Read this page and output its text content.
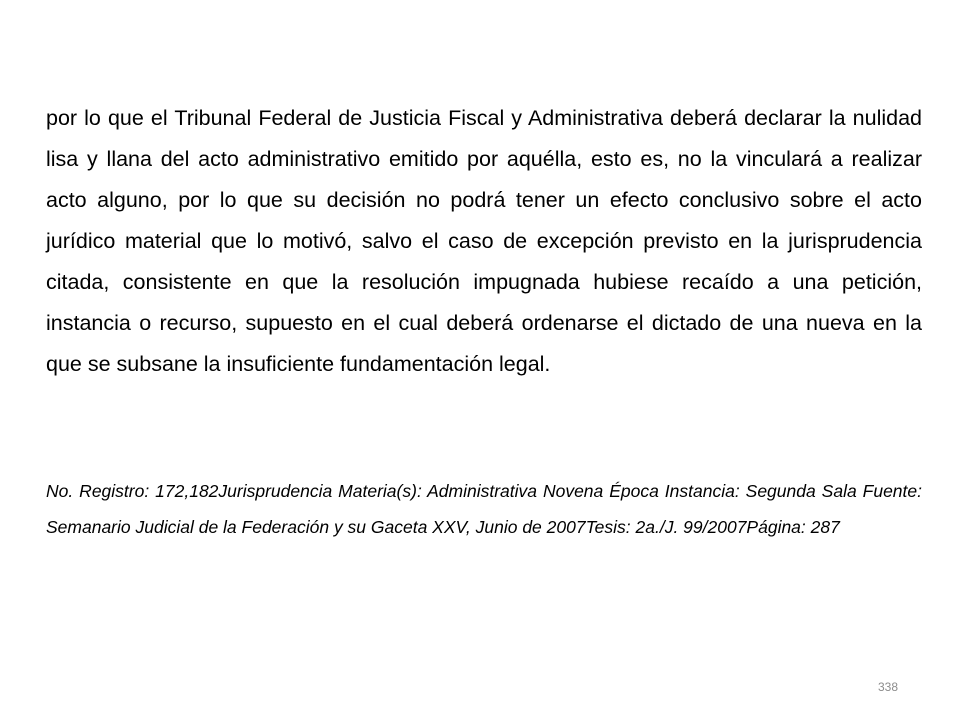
por lo que el Tribunal Federal de Justicia Fiscal y Administrativa deberá declarar la nulidad lisa y llana del acto administrativo emitido por aquélla, esto es, no la vinculará a realizar acto alguno, por lo que su decisión no podrá tener un efecto conclusivo sobre el acto jurídico material que lo motivó, salvo el caso de excepción previsto en la jurisprudencia citada, consistente en que la resolución impugnada hubiese recaído a una petición, instancia o recurso, supuesto en el cual deberá ordenarse el dictado de una nueva en la que se subsane la insuficiente fundamentación legal.

No. Registro: 172,182Jurisprudencia Materia(s): Administrativa Novena Época Instancia: Segunda Sala Fuente: Semanario Judicial de la Federación y su Gaceta XXV, Junio de 2007Tesis: 2a./J. 99/2007Página: 287

338
